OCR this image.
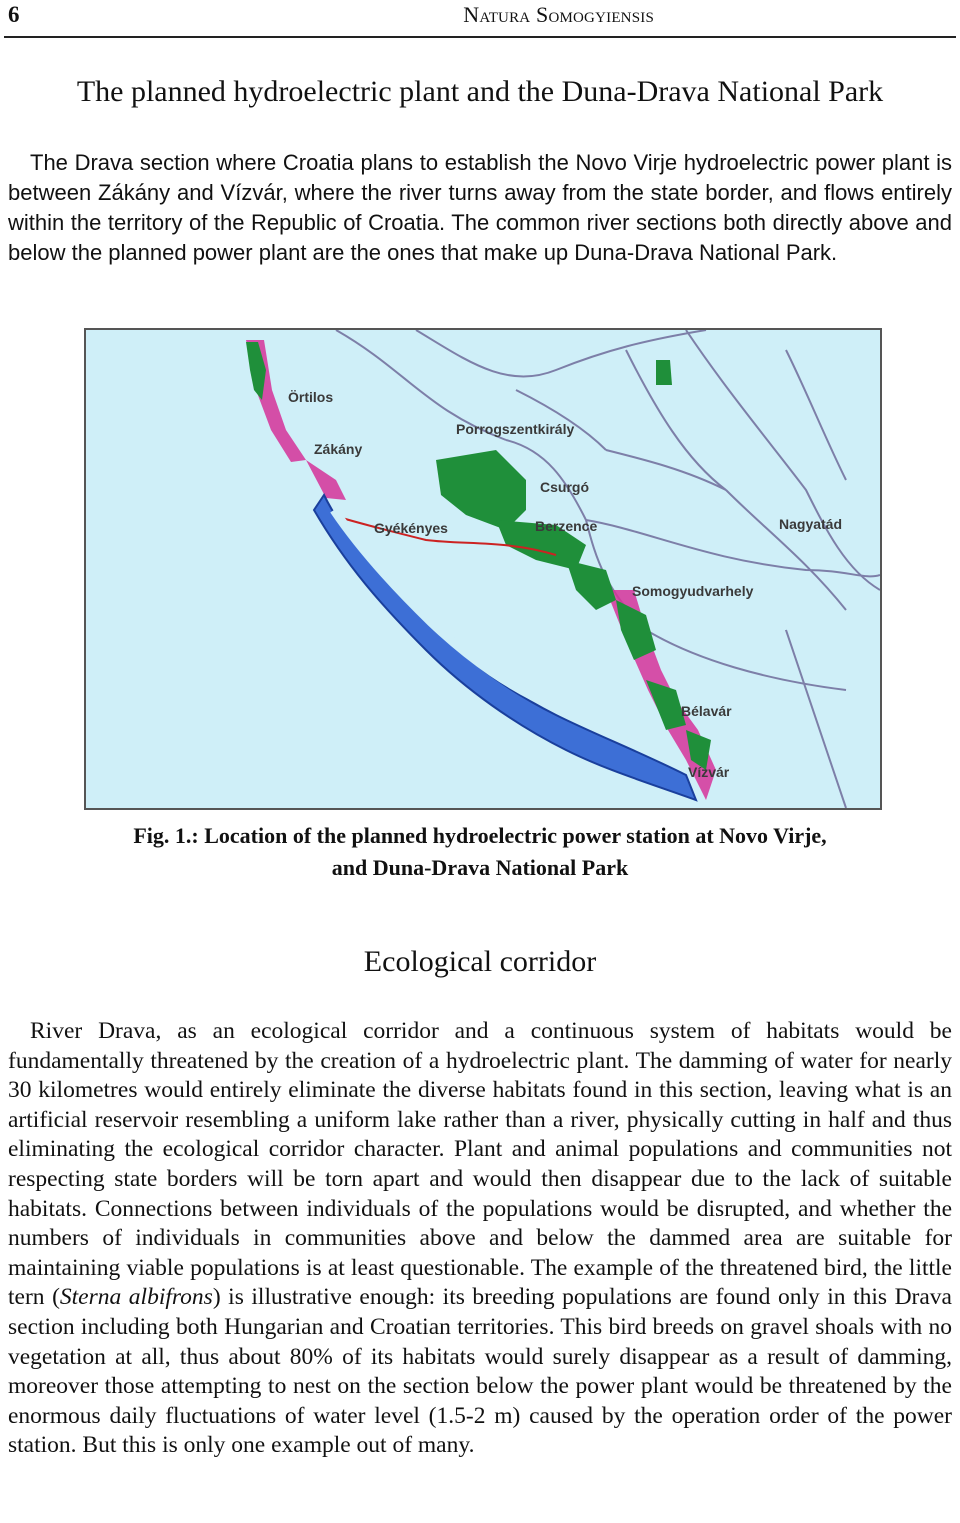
6	Natura Somogyiensis
The planned hydroelectric plant and the Duna-Drava National Park

The Drava section where Croatia plans to establish the Novo Virje hydroelectric power plant is between Zákány and Vízvár, where the river turns away from the state border, and flows entirely within the territory of the Republic of Croatia. The common river sections both directly above and below the planned power plant are the ones that make up Duna-Drava National Park.

Örtilos
Zákány
Porrogszentkirály
Csurgó
Gyékényes	Berzence	Nagyatád
Somogyudvarhely
Bélavár
Vízvár
Fig. 1.: Location of the planned hydroelectric power station at Novo Virje,
and Duna-Drava National Park
Ecological corridor

River Drava, as an ecological corridor and a continuous system of habitats would be fundamentally threatened by the creation of a hydroelectric plant. The damming of water for nearly 30 kilometres would entirely eliminate the diverse habitats found in this section, leaving what is an artificial reservoir resembling a uniform lake rather than a river, physically cutting in half and thus eliminating the ecological corridor character. Plant and animal populations and communities not respecting state borders will be torn apart and would then disappear due to the lack of suitable habitats. Connections between individuals of the populations would be disrupted, and whether the numbers of individuals in communities above and below the dammed area are suitable for maintaining viable populations is at least questionable. The example of the threatened bird, the little tern (Sterna albifrons) is illustrative enough: its breeding populations are found only in this Drava section including both Hungarian and Croatian territories. This bird breeds on gravel shoals with no vegetation at all, thus about 80% of its habitats would surely disappear as a result of damming, moreover those attempting to nest on the section below the power plant would be threatened by the enormous daily fluctuations of water level (1.5-2 m) caused by the operation order of the power station. But this is only one example out of many.
